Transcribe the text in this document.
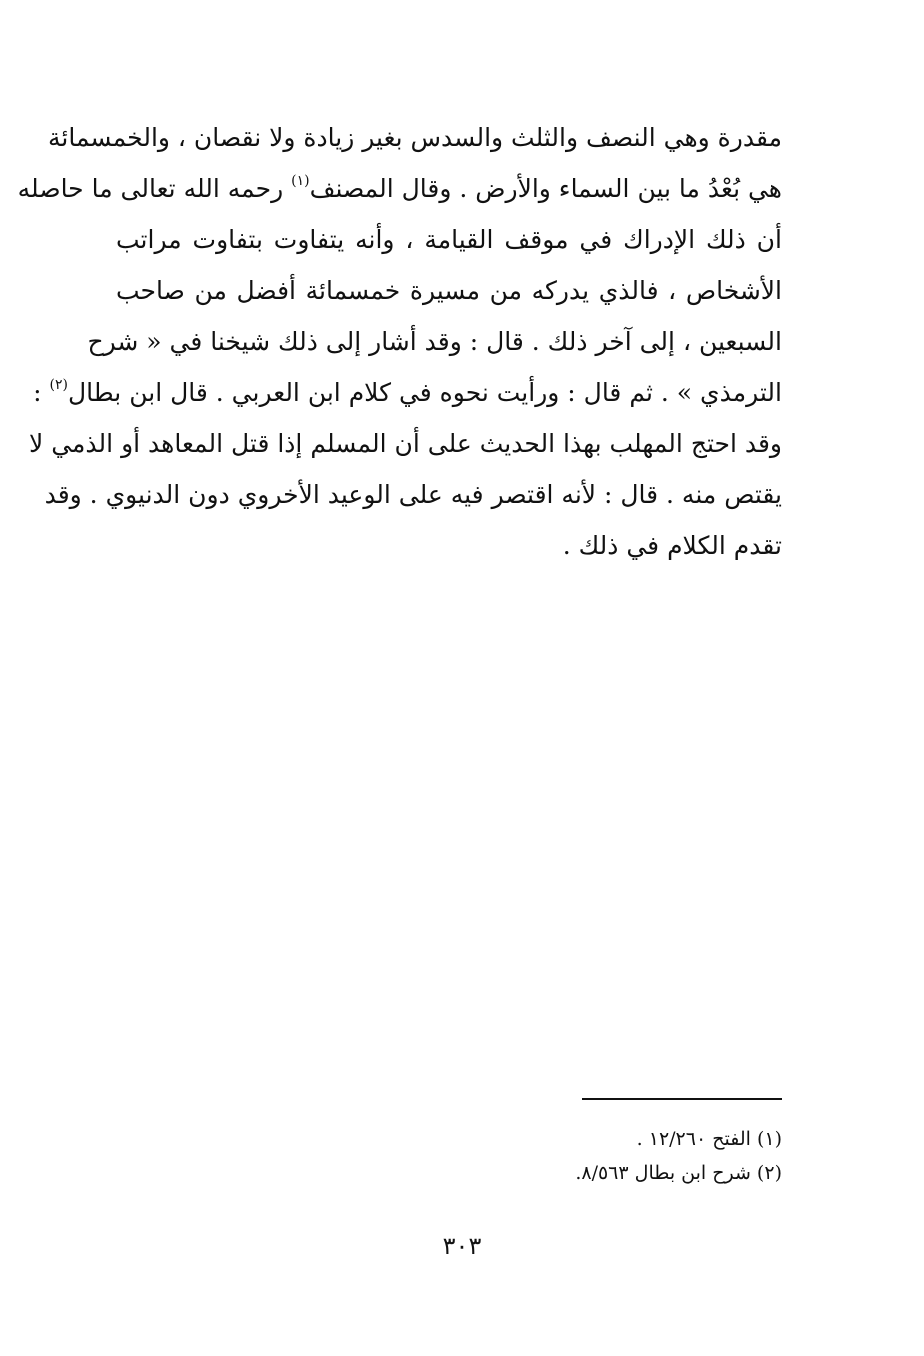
مقدرة وهي النصف والثلث والسدس بغير زيادة ولا نقصان ، والخمسمائة
هي بُعْدُ ما بين السماء والأرض . وقال المصنف$^{(١)}$ رحمه الله تعالى ما حاصله
أن ذلك الإدراك في موقف القيامة ، وأنه يتفاوت بتفاوت مراتب
الأشخاص ، فالذي يدركه من مسيرة خمسمائة أفضل من صاحب
السبعين ، إلى آخر ذلك . قال : وقد أشار إلى ذلك شيخنا في « شرح
الترمذي » . ثم قال : ورأيت نحوه في كلام ابن العربي . قال ابن بطال$^{(٢)}$ :
وقد احتج المهلب بهذا الحديث على أن المسلم إذا قتل المعاهد أو الذمي لا
يقتص منه . قال : لأنه اقتصر فيه على الوعيد الأخروي دون الدنيوي . وقد
تقدم الكلام في ذلك .
(١) الفتح ١٢/٢٦٠ .
(٢) شرح ابن بطال ٨/٥٦٣.
٣٠٣
